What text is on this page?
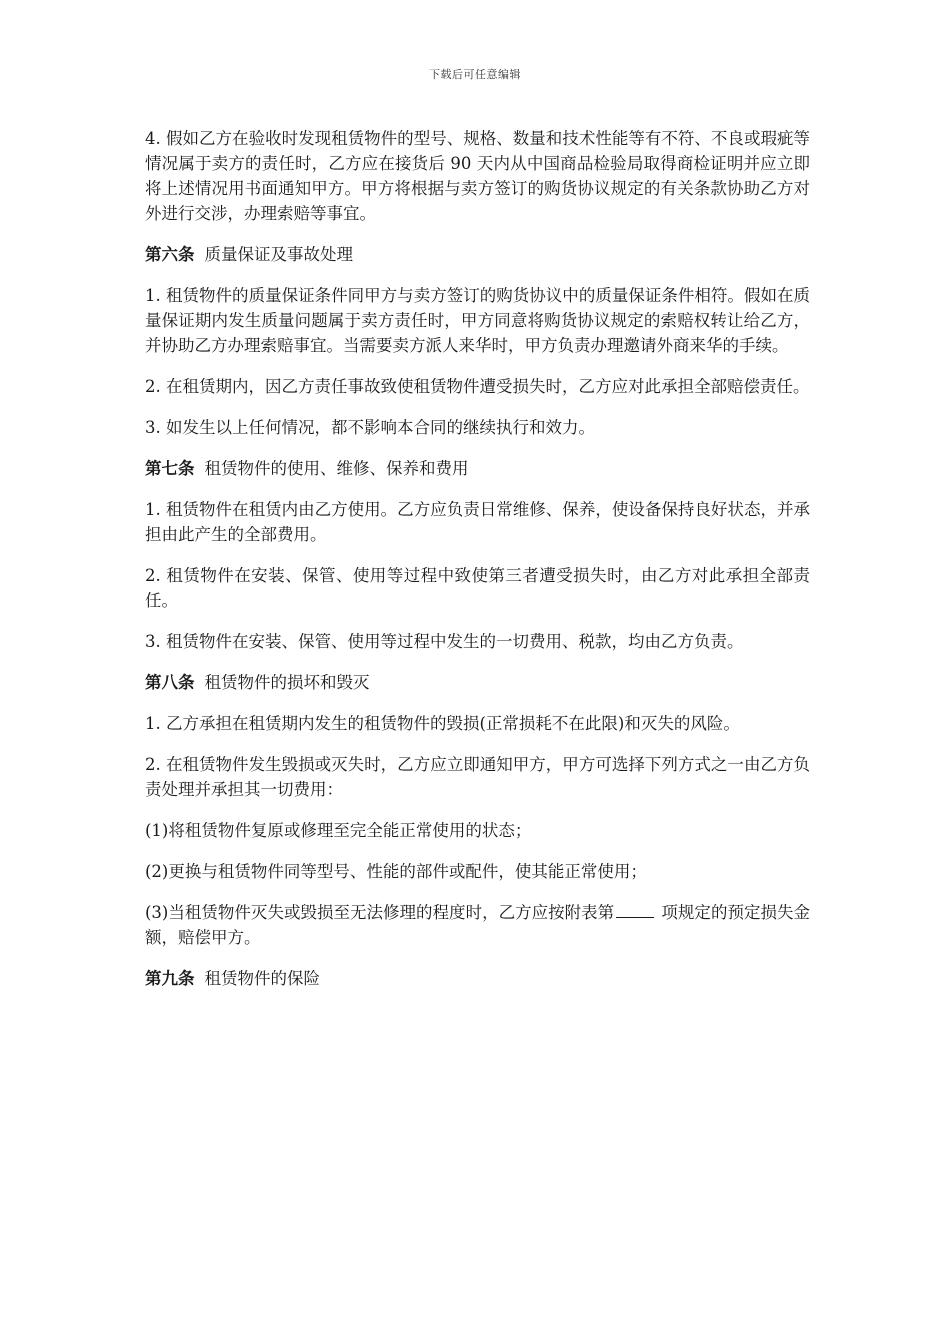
下载后可任意编辑

4. 假如乙方在验收时发现租赁物件的型号、规格、数量和技术性能等有不符、不良或瑕疵等情况属于卖方的责任时，乙方应在接货后 90 天内从中国商品检验局取得商检证明并应立即将上述情况用书面通知甲方。甲方将根据与卖方签订的购货协议规定的有关条款协助乙方对外进行交涉，办理索赔等事宜。

第六条 质量保证及事故处理

1. 租赁物件的质量保证条件同甲方与卖方签订的购货协议中的质量保证条件相符。假如在质量保证期内发生质量问题属于卖方责任时，甲方同意将购货协议规定的索赔权转让给乙方，并协助乙方办理索赔事宜。当需要卖方派人来华时，甲方负责办理邀请外商来华的手续。

2. 在租赁期内，因乙方责任事故致使租赁物件遭受损失时，乙方应对此承担全部赔偿责任。

3. 如发生以上任何情况，都不影响本合同的继续执行和效力。

第七条 租赁物件的使用、维修、保养和费用

1. 租赁物件在租赁内由乙方使用。乙方应负责日常维修、保养，使设备保持良好状态，并承担由此产生的全部费用。

2. 租赁物件在安装、保管、使用等过程中致使第三者遭受损失时，由乙方对此承担全部责任。

3. 租赁物件在安装、保管、使用等过程中发生的一切费用、税款，均由乙方负责。

第八条 租赁物件的损坏和毁灭

1. 乙方承担在租赁期内发生的租赁物件的毁损(正常损耗不在此限)和灭失的风险。

2. 在租赁物件发生毁损或灭失时，乙方应立即通知甲方，甲方可选择下列方式之一由乙方负责处理并承担其一切费用：

(1)将租赁物件复原或修理至完全能正常使用的状态；

(2)更换与租赁物件同等型号、性能的部件或配件，使其能正常使用；

(3)当租赁物件灭失或毁损至无法修理的程度时，乙方应按附表第	项规定的预定损失金额，赔偿甲方。

第九条 租赁物件的保险
